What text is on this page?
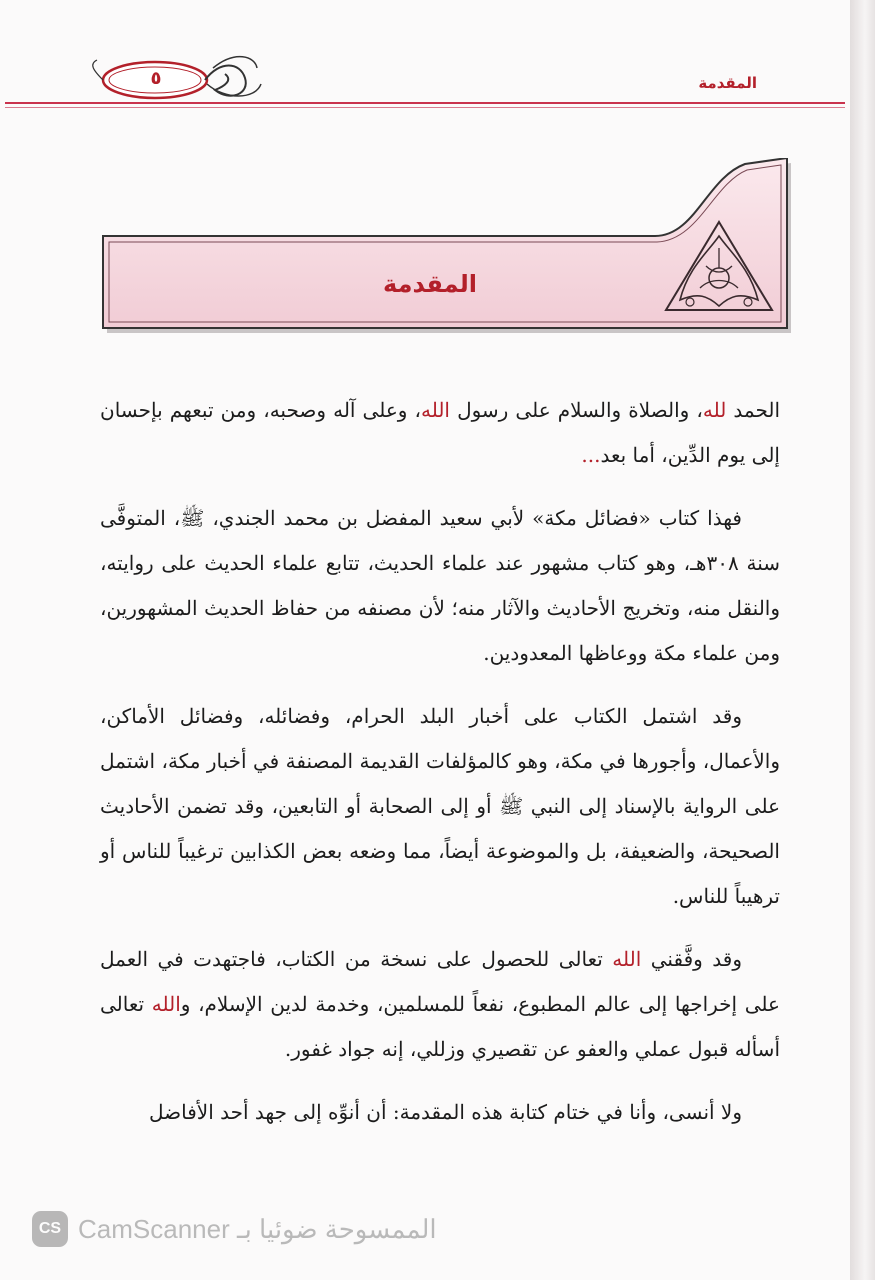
المقدمة
٥
المقدمة

الحمد لله، والصلاة والسلام على رسول الله، وعلى آله وصحبه، ومن تبعهم بإحسان إلى يوم الدِّين، أما بعد...

فهذا كتاب «فضائل مكة» لأبي سعيد المفضل بن محمد الجندي، ﷺ، المتوفَّى سنة ٣٠٨هـ، وهو كتاب مشهور عند علماء الحديث، تتابع علماء الحديث على روايته، والنقل منه، وتخريج الأحاديث والآثار منه؛ لأن مصنفه من حفاظ الحديث المشهورين، ومن علماء مكة ووعاظها المعدودين.

وقد اشتمل الكتاب على أخبار البلد الحرام، وفضائله، وفضائل الأماكن، والأعمال، وأجورها في مكة، وهو كالمؤلفات القديمة المصنفة في أخبار مكة، اشتمل على الرواية بالإسناد إلى النبي ﷺ أو إلى الصحابة أو التابعين، وقد تضمن الأحاديث الصحيحة، والضعيفة، بل والموضوعة أيضاً، مما وضعه بعض الكذابين ترغيباً للناس أو ترهيباً للناس.

وقد وفَّقني الله تعالى للحصول على نسخة من الكتاب، فاجتهدت في العمل على إخراجها إلى عالم المطبوع، نفعاً للمسلمين، وخدمة لدين الإسلام، والله تعالى أسأله قبول عملي والعفو عن تقصيري وزللي، إنه جواد غفور.

ولا أنسى، وأنا في ختام كتابة هذه المقدمة: أن أنوِّه إلى جهد أحد الأفاضل

CS CamScanner الممسوحة ضوئيا بـ
